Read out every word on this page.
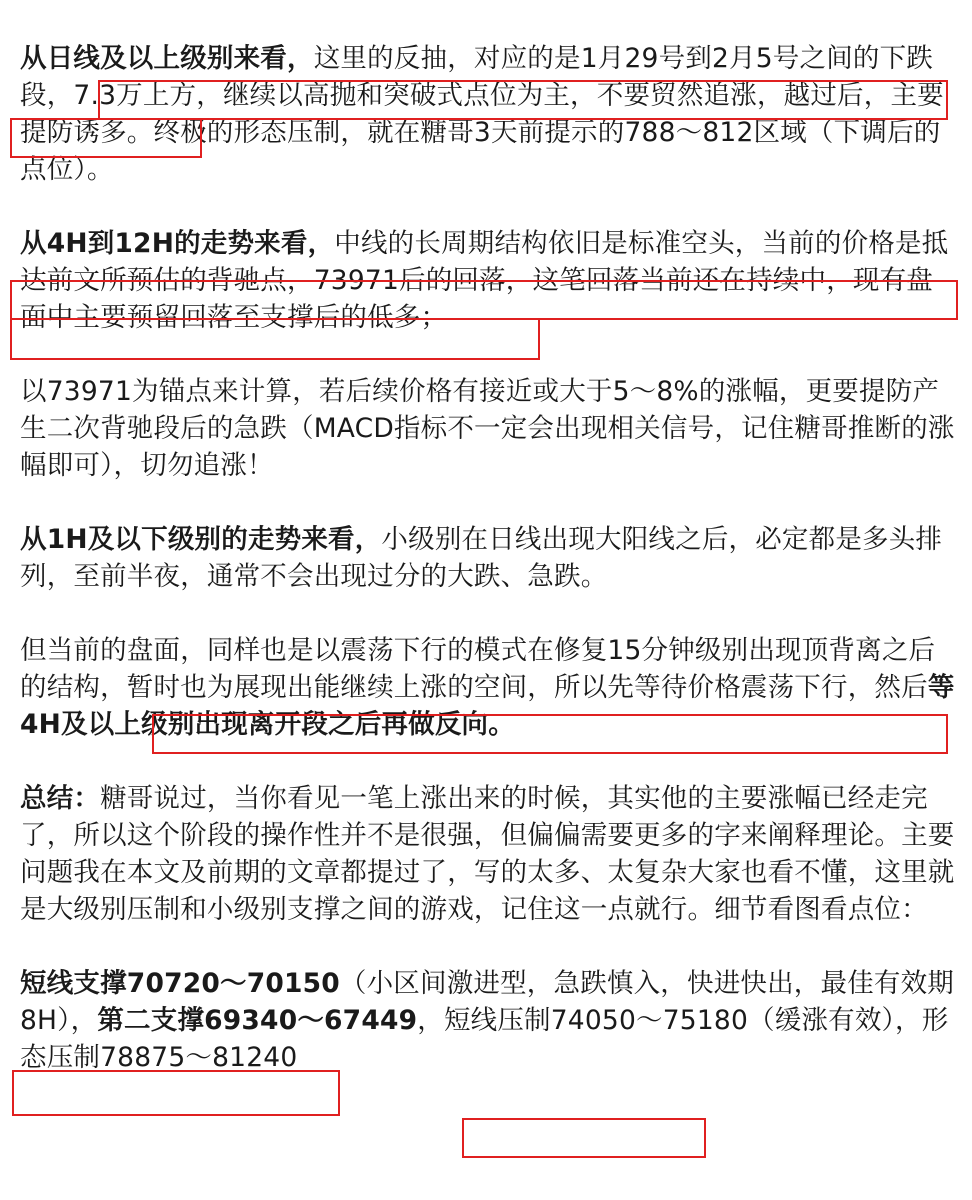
从日线及以上级别来看，这里的反抽，对应的是1月29号到2月5号之间的下跌段，7.3万上方，继续以高抛和突破式点位为主，不要贸然追涨，越过后，主要提防诱多。终极的形态压制，就在糖哥3天前提示的788～812区域（下调后的点位）。

从4H到12H的走势来看，中线的长周期结构依旧是标准空头，当前的价格是抵达前文所预估的背驰点，73971后的回落，这笔回落当前还在持续中，现有盘面中主要预留回落至支撑后的低多；

以73971为锚点来计算，若后续价格有接近或大于5～8%的涨幅，更要提防产生二次背驰段后的急跌（MACD指标不一定会出现相关信号，记住糖哥推断的涨幅即可），切勿追涨！

从1H及以下级别的走势来看，小级别在日线出现大阳线之后，必定都是多头排列，至前半夜，通常不会出现过分的大跌、急跌。

但当前的盘面，同样也是以震荡下行的模式在修复15分钟级别出现顶背离之后的结构，暂时也为展现出能继续上涨的空间，所以先等待价格震荡下行，然后等4H及以上级别出现离开段之后再做反向。

总结：糖哥说过，当你看见一笔上涨出来的时候，其实他的主要涨幅已经走完了，所以这个阶段的操作性并不是很强，但偏偏需要更多的字来阐释理论。主要问题我在本文及前期的文章都提过了，写的太多、太复杂大家也看不懂，这里就是大级别压制和小级别支撑之间的游戏，记住这一点就行。细节看图看点位：

短线支撑70720～70150（小区间激进型，急跌慎入，快进快出，最佳有效期8H），第二支撑69340～67449，短线压制74050～75180（缓涨有效），形态压制78875～81240
